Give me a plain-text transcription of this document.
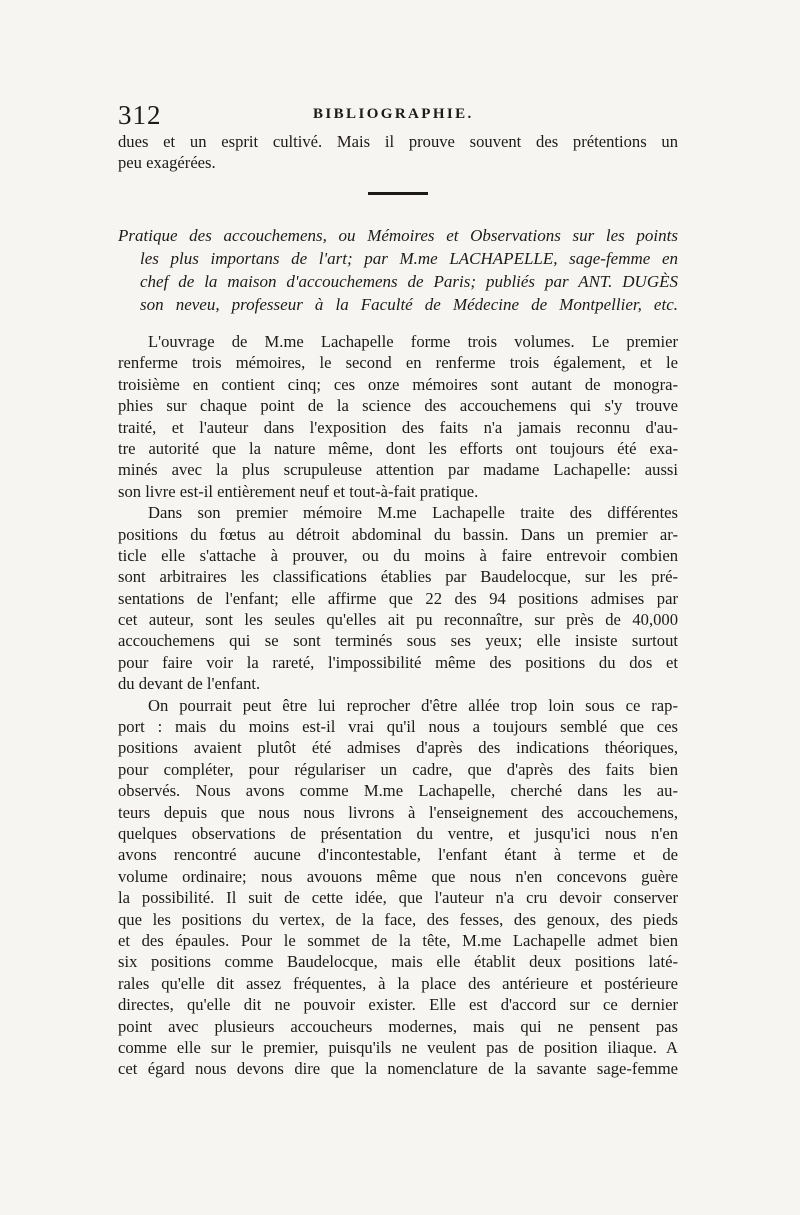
312	BIBLIOGRAPHIE.
dues et un esprit cultivé. Mais il prouve souvent des prétentions un
peu exagérées.
Pratique des accouchemens, ou Mémoires et Observations sur les points
les plus importans de l'art; par M.me LACHAPELLE, sage-femme en
chef de la maison d'accouchemens de Paris; publiés par ANT. DUGÈS
son neveu, professeur à la Faculté de Médecine de Montpellier, etc.
L'ouvrage de M.me Lachapelle forme trois volumes. Le premier
renferme trois mémoires, le second en renferme trois également, et le
troisième en contient cinq; ces onze mémoires sont autant de monogra-
phies sur chaque point de la science des accouchemens qui s'y trouve
traité, et l'auteur dans l'exposition des faits n'a jamais reconnu d'au-
tre autorité que la nature même, dont les efforts ont toujours été exa-
minés avec la plus scrupuleuse attention par madame Lachapelle: aussi
son livre est-il entièrement neuf et tout-à-fait pratique.
Dans son premier mémoire M.me Lachapelle traite des différentes
positions du fœtus au détroit abdominal du bassin. Dans un premier ar-
ticle elle s'attache à prouver, ou du moins à faire entrevoir combien
sont arbitraires les classifications établies par Baudelocque, sur les pré-
sentations de l'enfant; elle affirme que 22 des 94 positions admises par
cet auteur, sont les seules qu'elles ait pu reconnaître, sur près de 40,000
accouchemens qui se sont terminés sous ses yeux; elle insiste surtout
pour faire voir la rareté, l'impossibilité même des positions du dos et
du devant de l'enfant.
On pourrait peut être lui reprocher d'être allée trop loin sous ce rap-
port : mais du moins est-il vrai qu'il nous a toujours semblé que ces
positions avaient plutôt été admises d'après des indications théoriques,
pour compléter, pour régulariser un cadre, que d'après des faits bien
observés. Nous avons comme M.me Lachapelle, cherché dans les au-
teurs depuis que nous nous livrons à l'enseignement des accouchemens,
quelques observations de présentation du ventre, et jusqu'ici nous n'en
avons rencontré aucune d'incontestable, l'enfant étant à terme et de
volume ordinaire; nous avouons même que nous n'en concevons guère
la possibilité. Il suit de cette idée, que l'auteur n'a cru devoir conserver
que les positions du vertex, de la face, des fesses, des genoux, des pieds
et des épaules. Pour le sommet de la tête, M.me Lachapelle admet bien
six positions comme Baudelocque, mais elle établit deux positions laté-
rales qu'elle dit assez fréquentes, à la place des antérieure et postérieure
directes, qu'elle dit ne pouvoir exister. Elle est d'accord sur ce dernier
point avec plusieurs accoucheurs modernes, mais qui ne pensent pas
comme elle sur le premier, puisqu'ils ne veulent pas de position iliaque. A
cet égard nous devons dire que la nomenclature de la savante sage-femme
